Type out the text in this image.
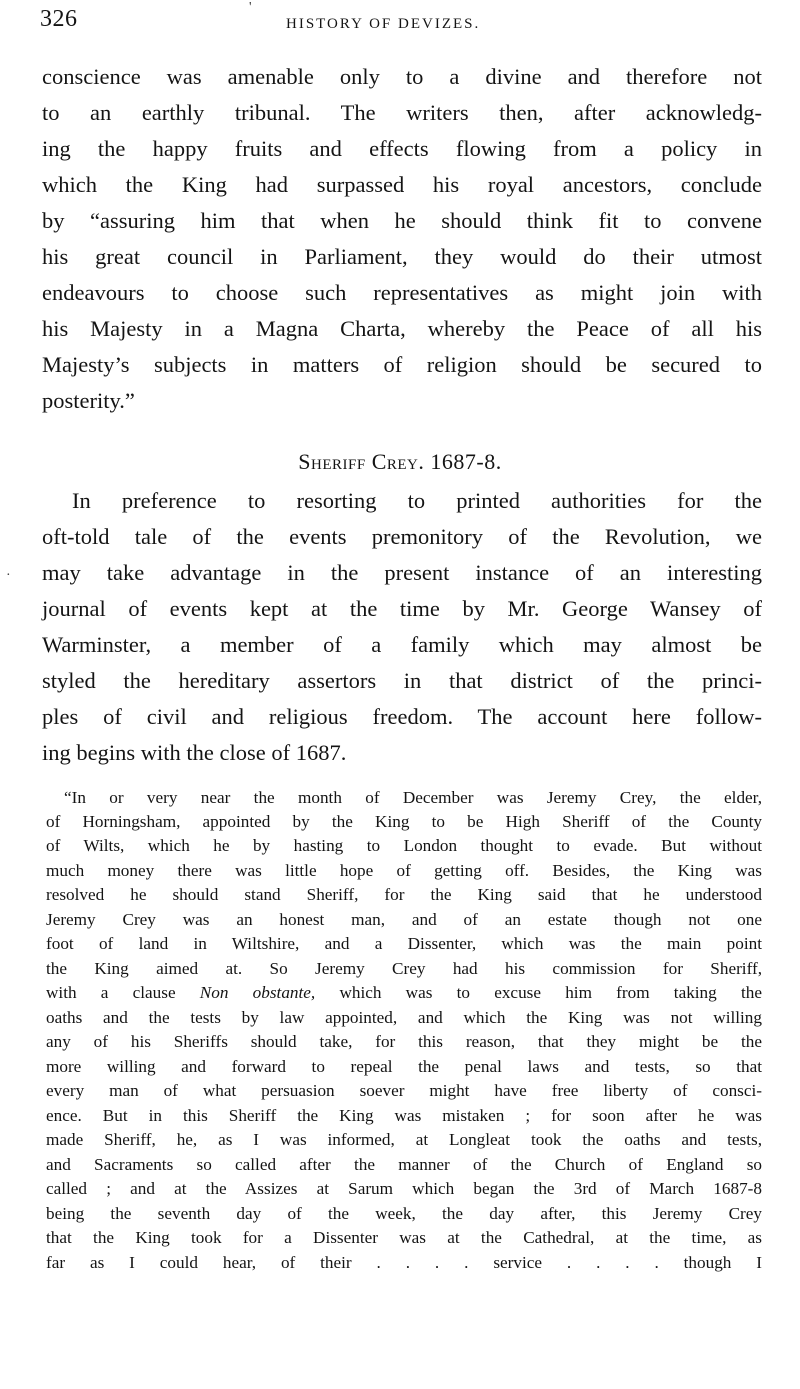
326	HISTORY OF DEVIZES.
'
conscience was amenable only to a divine and therefore not
to an earthly tribunal. The writers then, after acknowledg-
ing the happy fruits and effects flowing from a policy in
which the King had surpassed his royal ancestors, conclude
by “assuring him that when he should think fit to convene
his great council in Parliament, they would do their utmost
endeavours to choose such representatives as might join with
his Majesty in a Magna Charta, whereby the Peace of all his
Majesty’s subjects in matters of religion should be secured to
posterity.”
Sheriff Crey. 1687-8.
In preference to resorting to printed authorities for the
oft-told tale of the events premonitory of the Revolution, we
may take advantage in the present instance of an interesting
journal of events kept at the time by Mr. George Wansey of
Warminster, a member of a family which may almost be
styled the hereditary assertors in that district of the princi-
ples of civil and religious freedom. The account here follow-
ing begins with the close of 1687.
·
“In or very near the month of December was Jeremy Crey, the elder,
of Horningsham, appointed by the King to be High Sheriff of the County
of Wilts, which he by hasting to London thought to evade. But without
much money there was little hope of getting off. Besides, the King was
resolved he should stand Sheriff, for the King said that he understood
Jeremy Crey was an honest man, and of an estate though not one
foot of land in Wiltshire, and a Dissenter, which was the main point
the King aimed at. So Jeremy Crey had his commission for Sheriff,
with a clause Non obstante, which was to excuse him from taking the
oaths and the tests by law appointed, and which the King was not willing
any of his Sheriffs should take, for this reason, that they might be the
more willing and forward to repeal the penal laws and tests, so that
every man of what persuasion soever might have free liberty of consci-
ence. But in this Sheriff the King was mistaken ; for soon after he was
made Sheriff, he, as I was informed, at Longleat took the oaths and tests,
and Sacraments so called after the manner of the Church of England so
called ; and at the Assizes at Sarum which began the 3rd of March 1687-8
being the seventh day of the week, the day after, this Jeremy Crey
that the King took for a Dissenter was at the Cathedral, at the time, as
far as I could hear, of their . . . . service . . . . though I
